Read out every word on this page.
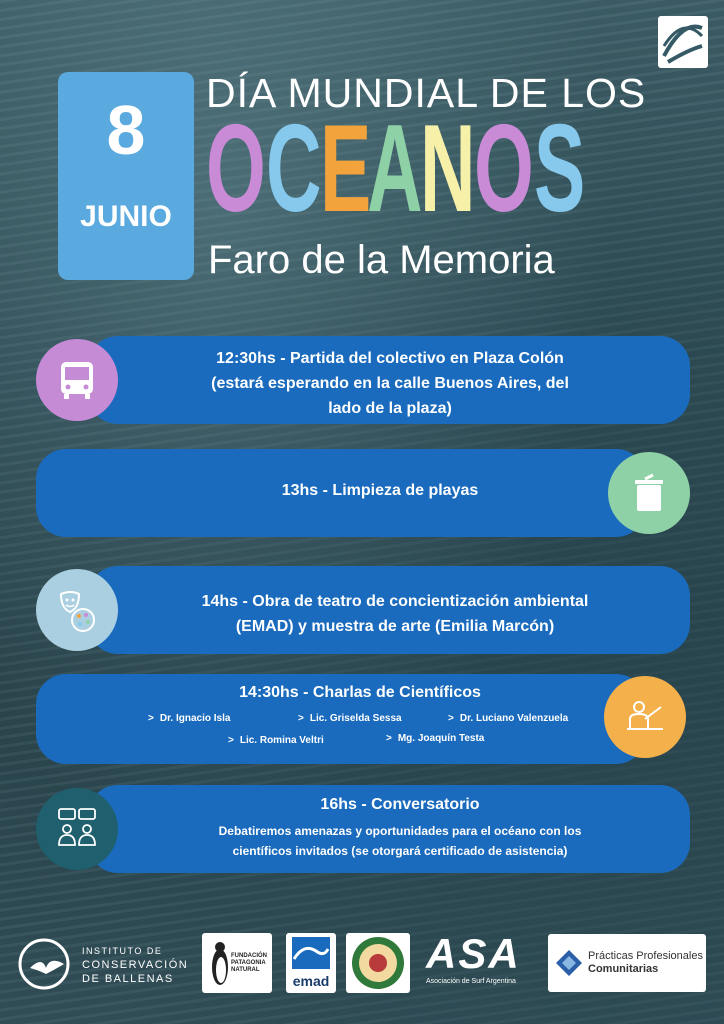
8
JUNIO
DÍA MUNDIAL DE LOS
OCEANOS
Faro de la Memoria
12:30hs - Partida del colectivo en Plaza Colón
(estará esperando en la calle Buenos Aires, del
lado de la plaza)
13hs - Limpieza de playas
14hs - Obra de teatro de concientización ambiental
(EMAD) y muestra de arte (Emilia Marcón)
14:30hs - Charlas de Científicos
> Dr. Ignacio Isla	> Lic. Griselda Sessa	> Dr. Luciano Valenzuela
> Lic. Romina Veltri	> Mg. Joaquín Testa
16hs - Conversatorio
Debatiremos amenazas y oportunidades para el océano con los
científicos invitados (se otorgará certificado de asistencia)
INSTITUTO DE
CONSERVACIÓN
DE BALLENAS
FUNDACIÓN
PATAGONIA
NATURAL
emad
ASA
Asociación de Surf Argentina
Prácticas Profesionales
Comunitarias
